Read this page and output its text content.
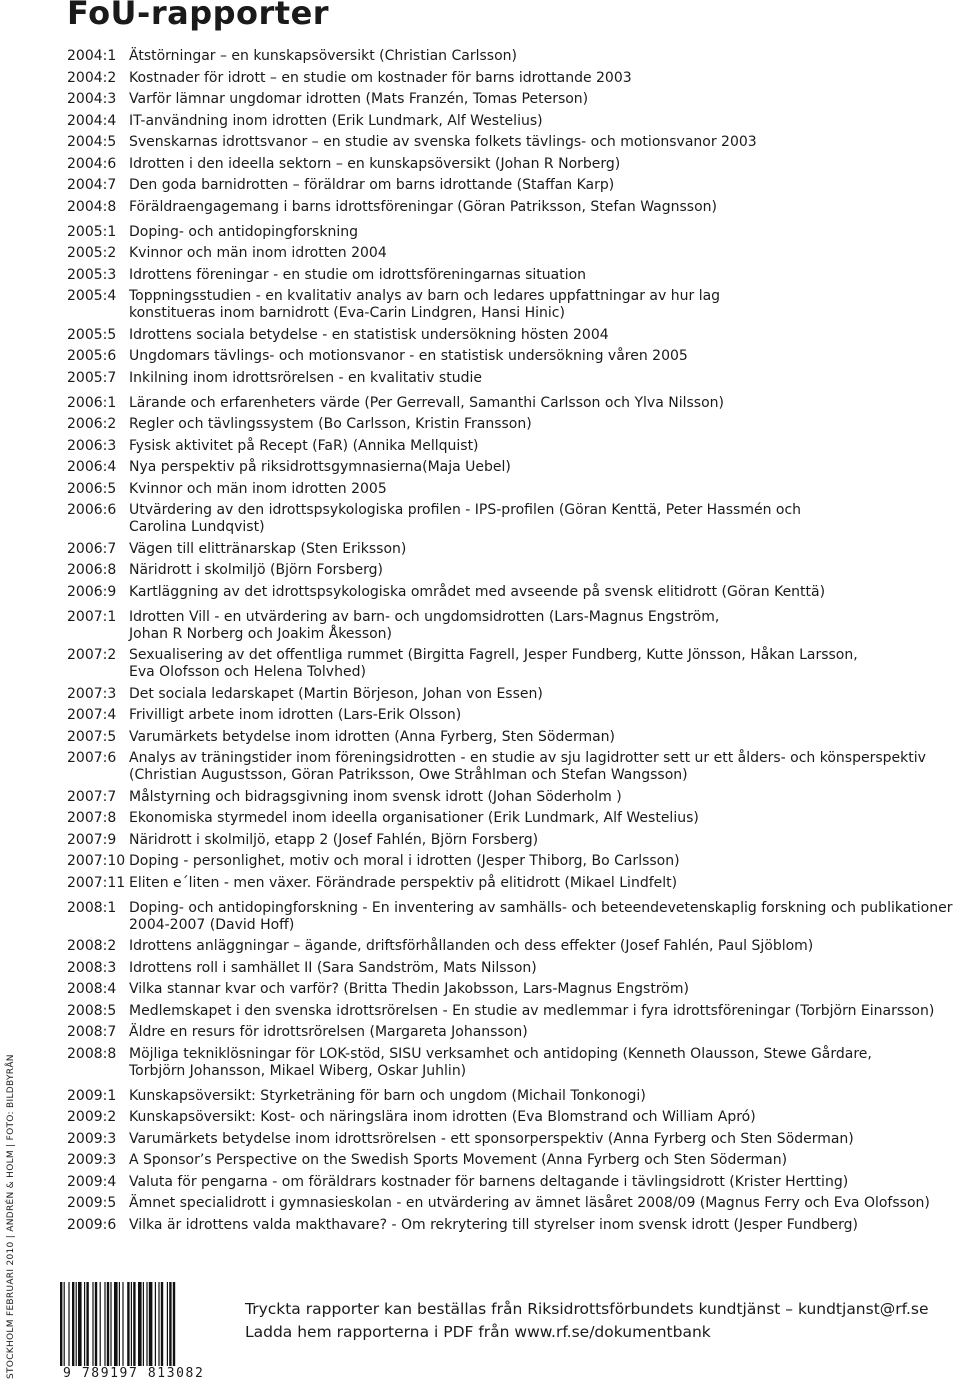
FoU-rapporter
2004:1 Ätstörningar – en kunskapsöversikt (Christian Carlsson)
2004:2 Kostnader för idrott – en studie om kostnader för barns idrottande 2003
2004:3 Varför lämnar ungdomar idrotten (Mats Franzén, Tomas Peterson)
2004:4 IT-användning inom idrotten (Erik Lundmark, Alf Westelius)
2004:5 Svenskarnas idrottsvanor – en studie av svenska folkets tävlings- och motionsvanor 2003
2004:6 Idrotten i den ideella sektorn – en kunskapsöversikt (Johan R Norberg)
2004:7 Den goda barnidrotten – föräldrar om barns idrottande (Staffan Karp)
2004:8 Föräldraengagemang i barns idrottsföreningar (Göran Patriksson, Stefan Wagnsson)
2005:1 Doping- och antidopingforskning
2005:2 Kvinnor och män inom idrotten 2004
2005:3 Idrottens föreningar - en studie om idrottsföreningarnas situation
2005:4 Toppningsstudien - en kvalitativ analys av barn och ledares uppfattningar av hur lag
konstitueras inom barnidrott (Eva-Carin Lindgren, Hansi Hinic)
2005:5 Idrottens sociala betydelse - en statistisk undersökning hösten 2004
2005:6 Ungdomars tävlings- och motionsvanor - en statistisk undersökning våren 2005
2005:7 Inkilning inom idrottsrörelsen - en kvalitativ studie
2006:1 Lärande och erfarenheters värde (Per Gerrevall, Samanthi Carlsson och Ylva Nilsson)
2006:2 Regler och tävlingssystem (Bo Carlsson, Kristin Fransson)
2006:3 Fysisk aktivitet på Recept (FaR) (Annika Mellquist)
2006:4 Nya perspektiv på riksidrottsgymnasierna(Maja Uebel)
2006:5 Kvinnor och män inom idrotten 2005
2006:6 Utvärdering av den idrottspsykologiska profilen - IPS-profilen (Göran Kenttä, Peter Hassmén och
Carolina Lundqvist)
2006:7 Vägen till elittränarskap (Sten Eriksson)
2006:8 Näridrott i skolmiljö (Björn Forsberg)
2006:9 Kartläggning av det idrottspsykologiska området med avseende på svensk elitidrott (Göran Kenttä)
2007:1 Idrotten Vill - en utvärdering av barn- och ungdomsidrotten (Lars-Magnus Engström,
Johan R Norberg och Joakim Åkesson)
2007:2 Sexualisering av det offentliga rummet (Birgitta Fagrell, Jesper Fundberg, Kutte Jönsson, Håkan Larsson,
Eva Olofsson och Helena Tolvhed)
2007:3 Det sociala ledarskapet (Martin Börjeson, Johan von Essen)
2007:4 Frivilligt arbete inom idrotten (Lars-Erik Olsson)
2007:5 Varumärkets betydelse inom idrotten (Anna Fyrberg, Sten Söderman)
2007:6 Analys av träningstider inom föreningsidrotten - en studie av sju lagidrotter sett ur ett ålders- och könsperspektiv
(Christian Augustsson, Göran Patriksson, Owe Stråhlman och Stefan Wangsson)
2007:7 Målstyrning och bidragsgivning inom svensk idrott (Johan Söderholm )
2007:8 Ekonomiska styrmedel inom ideella organisationer (Erik Lundmark, Alf Westelius)
2007:9 Näridrott i skolmiljö, etapp 2 (Josef Fahlén, Björn Forsberg)
2007:10 Doping - personlighet, motiv och moral i idrotten (Jesper Thiborg, Bo Carlsson)
2007:11 Eliten e´liten - men växer. Förändrade perspektiv på elitidrott (Mikael Lindfelt)
2008:1 Doping- och antidopingforskning - En inventering av samhälls- och beteendevetenskaplig forskning och publikationer
2004-2007 (David Hoff)
2008:2 Idrottens anläggningar – ägande, driftsförhållanden och dess effekter (Josef Fahlén, Paul Sjöblom)
2008:3 Idrottens roll i samhället II (Sara Sandström, Mats Nilsson)
2008:4 Vilka stannar kvar och varför? (Britta Thedin Jakobsson, Lars-Magnus Engström)
2008:5 Medlemskapet i den svenska idrottsrörelsen - En studie av medlemmar i fyra idrottsföreningar (Torbjörn Einarsson)
2008:7 Äldre en resurs för idrottsrörelsen (Margareta Johansson)
2008:8 Möjliga tekniklösningar för LOK-stöd, SISU verksamhet och antidoping (Kenneth Olausson, Stewe Gårdare,
Torbjörn Johansson, Mikael Wiberg, Oskar Juhlin)
2009:1 Kunskapsöversikt: Styrketräning för barn och ungdom (Michail Tonkonogi)
2009:2 Kunskapsöversikt: Kost- och näringslära inom idrotten (Eva Blomstrand och William Apró)
2009:3 Varumärkets betydelse inom idrottsrörelsen - ett sponsorperspektiv (Anna Fyrberg och Sten Söderman)
2009:3 A Sponsor’s Perspective on the Swedish Sports Movement (Anna Fyrberg och Sten Söderman)
2009:4 Valuta för pengarna - om föräldrars kostnader för barnens deltagande i tävlingsidrott (Krister Hertting)
2009:5 Ämnet specialidrott i gymnasieskolan - en utvärdering av ämnet läsåret 2008/09 (Magnus Ferry och Eva Olofsson)
2009:6 Vilka är idrottens valda makthavare? - Om rekrytering till styrelser inom svensk idrott (Jesper Fundberg)
STOCKHOLM FEBRUARI 2010 | ANDRÉN & HOLM | FOTO: BILDBYRÅN	9 789197 813082
Tryckta rapporter kan beställas från Riksidrottsförbundets kundtjänst – kundtjanst@rf.se
Ladda hem rapporterna i PDF från www.rf.se/dokumentbank
